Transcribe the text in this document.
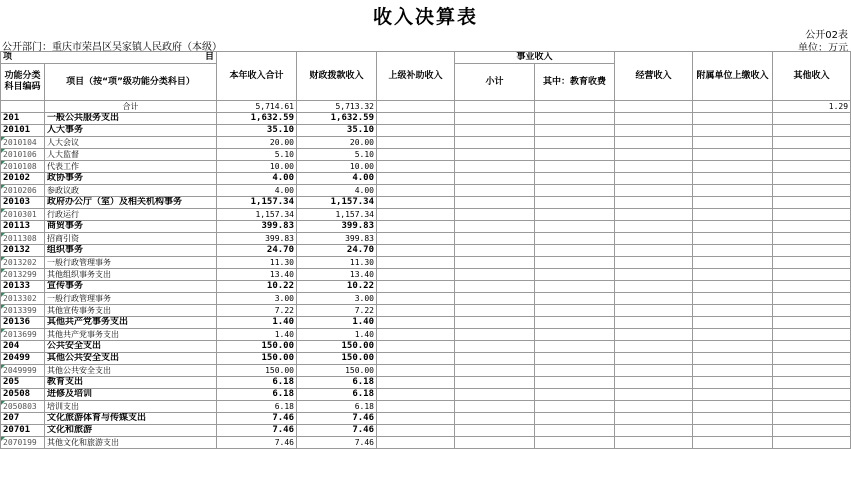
收入决算表
公开02表
公开部门：重庆市荣昌区吴家镇人民政府（本级）	单位：万元
项 目		本年收入合计	财政拨款收入	上级补助收入	事业收入		经营收入	附属单位上缴收入	其他收入
功能分类科目编码	项目（按“项”级功能分类科目）				小计	其中：教育收费			

	合计	5,714.61	5,713.32						1.29
201	一般公共服务支出	1,632.59	1,632.59						
20101	人大事务	35.10	35.10						
2010104	人大会议	20.00	20.00						
2010106	人大监督	5.10	5.10						
2010108	代表工作	10.00	10.00						
20102	政协事务	4.00	4.00						
2010206	参政议政	4.00	4.00						
20103	政府办公厅（室）及相关机构事务	1,157.34	1,157.34						
2010301	行政运行	1,157.34	1,157.34						
20113	商贸事务	399.83	399.83						
2011308	招商引资	399.83	399.83						
20132	组织事务	24.70	24.70						
2013202	一般行政管理事务	11.30	11.30						
2013299	其他组织事务支出	13.40	13.40						
20133	宣传事务	10.22	10.22						
2013302	一般行政管理事务	3.00	3.00						
2013399	其他宣传事务支出	7.22	7.22						
20136	其他共产党事务支出	1.40	1.40						
2013699	其他共产党事务支出	1.40	1.40						
204	公共安全支出	150.00	150.00						
20499	其他公共安全支出	150.00	150.00						
2049999	其他公共安全支出	150.00	150.00						
205	教育支出	6.18	6.18						
20508	进修及培训	6.18	6.18						
2050803	培训支出	6.18	6.18						
207	文化旅游体育与传媒支出	7.46	7.46						
20701	文化和旅游	7.46	7.46						
2070199	其他文化和旅游支出	7.46	7.46						
